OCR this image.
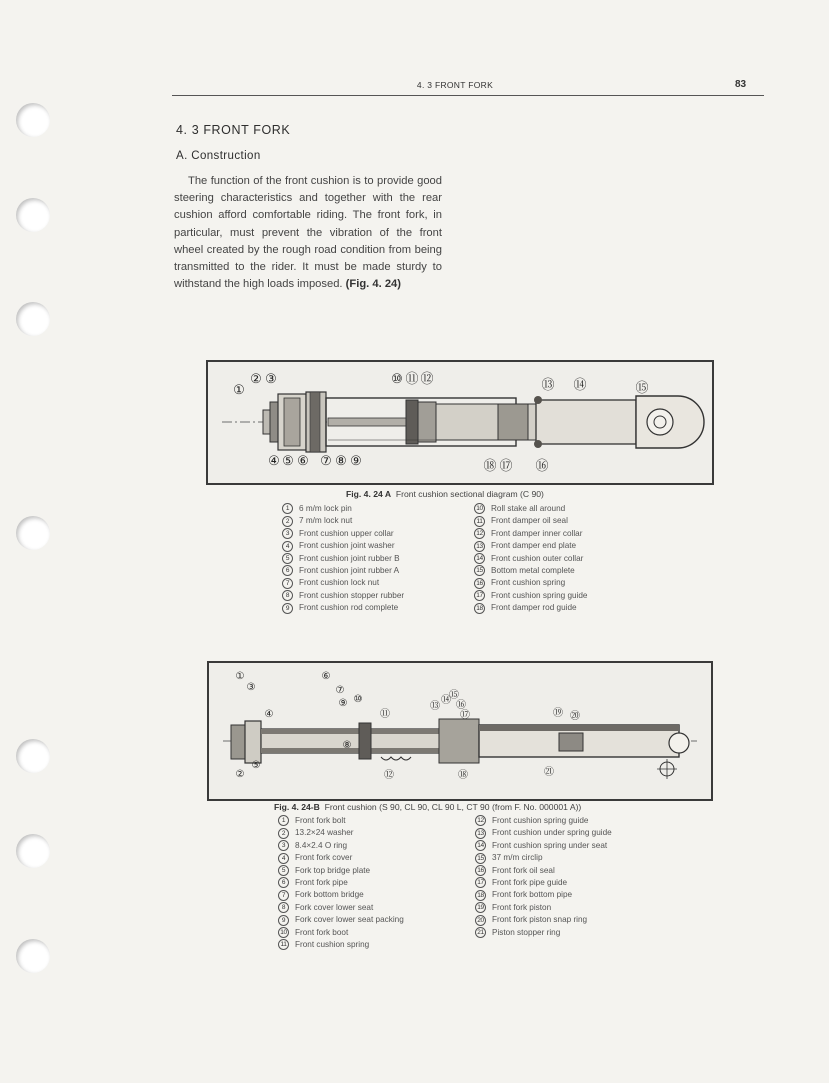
4. 3 FRONT FORK	83
4. 3 FRONT FORK
A. Construction
The function of the front cushion is to provide good steering characteristics and together with the rear cushion afford comfortable riding. The front fork, in particular, must prevent the vibration of the front wheel created by the rough road condition from being transmitted to the rider. It must be made sturdy to withstand the high loads imposed. (Fig. 4. 24)
①
② ③
④ ⑤ ⑥ ⑦ ⑧ ⑨
⑩ ⑪ ⑫	⑬ ⑭	⑮
⑯
⑰
⑱
Fig. 4. 24 A Front cushion sectional diagram (C 90)
1 6 m/m lock pin
2 7 m/m lock nut
3 Front cushion upper collar
4 Front cushion joint washer
5 Front cushion joint rubber B
6 Front cushion joint rubber A
7 Front cushion lock nut
8 Front cushion stopper rubber
9 Front cushion rod complete
10 Roll stake all around
11 Front damper oil seal
12 Front damper inner collar
13 Front damper end plate
14 Front cushion outer collar
15 Bottom metal complete
16 Front cushion spring
17 Front cushion spring guide
18 Front damper rod guide
①
②
③
④
⑤
⑥
⑦
⑧
⑨ ⑩
⑪
⑫
⑬
⑭
⑮
⑯
⑰
⑱
⑲ ⑳
㉑
Fig. 4. 24-B Front cushion (S 90, CL 90, CL 90 L, CT 90 (from F. No. 000001 A))
1 Front fork bolt
2 13.2×24 washer
3 8.4×2.4 O ring
4 Front fork cover
5 Fork top bridge plate
6 Front fork pipe
7 Fork bottom bridge
8 Fork cover lower seat
9 Fork cover lower seat packing
10 Front fork boot
11 Front cushion spring
12 Front cushion spring guide
13 Front cushion under spring guide
14 Front cushion spring under seat
15 37 m/m circlip
16 Front fork oil seal
17 Front fork pipe guide
18 Front fork bottom pipe
19 Front fork piston
20 Front fork piston snap ring
21 Piston stopper ring
